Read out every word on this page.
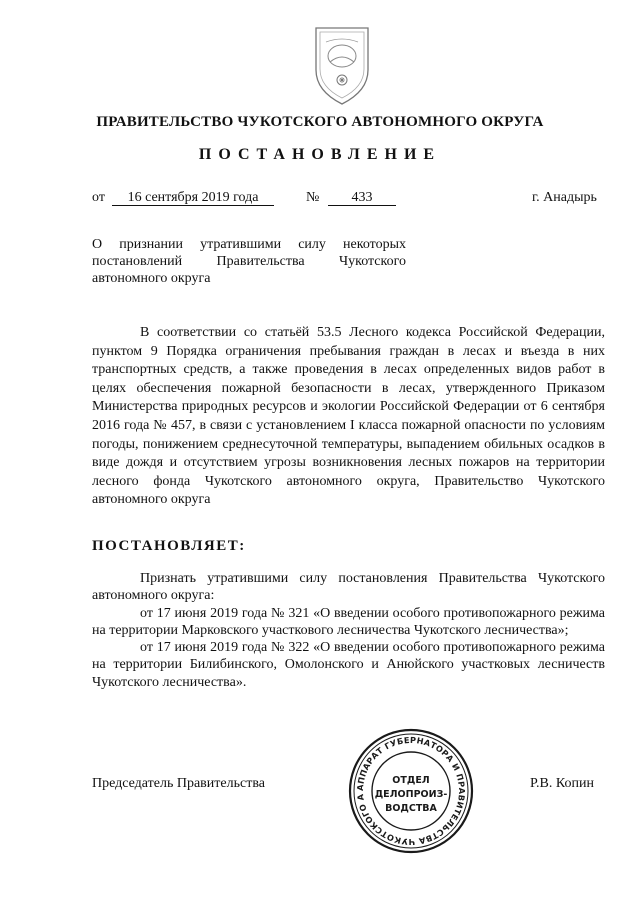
ПРАВИТЕЛЬСТВО ЧУКОТСКОГО АВТОНОМНОГО ОКРУГА
ПОСТАНОВЛЕНИЕ
от	16 сентября 2019 года	№	433	г. Анадырь
О признании утратившими силу некоторых постановлений Правительства Чукотского автономного округа
В соответствии со статьёй 53.5 Лесного кодекса Российской Федерации, пунктом 9 Порядка ограничения пребывания граждан в лесах и въезда в них транспортных средств, а также проведения в лесах определенных видов работ в целях обеспечения пожарной безопасности в лесах, утвержденного Приказом Министерства природных ресурсов и экологии Российской Федерации от 6 сентября 2016 года № 457, в связи с установлением I класса пожарной опасности по условиям погоды, понижением среднесуточной температуры, выпадением обильных осадков в виде дождя и отсутствием угрозы возникновения лесных пожаров на территории лесного фонда Чукотского автономного округа, Правительство Чукотского автономного округа
ПОСТАНОВЛЯЕТ:

Признать утратившими силу постановления Правительства Чукотского автономного округа:

от 17 июня 2019 года № 321 «О введении особого противопожарного режима на территории Марковского участкового лесничества Чукотского лесничества»;

от 17 июня 2019 года № 322 «О введении особого противопожарного режима на территории Билибинского, Омолонского и Анюйского участковых лесничеств Чукотского лесничества».

Председатель Правительства	Р.В. Копин
АППАРАТ ГУБЕРНАТОРА И ПРАВИТЕЛЬСТВА ЧУКОТСКОГО А
ОТДЕЛ
ДЕЛОПРОИЗ-
ВОДСТВА
